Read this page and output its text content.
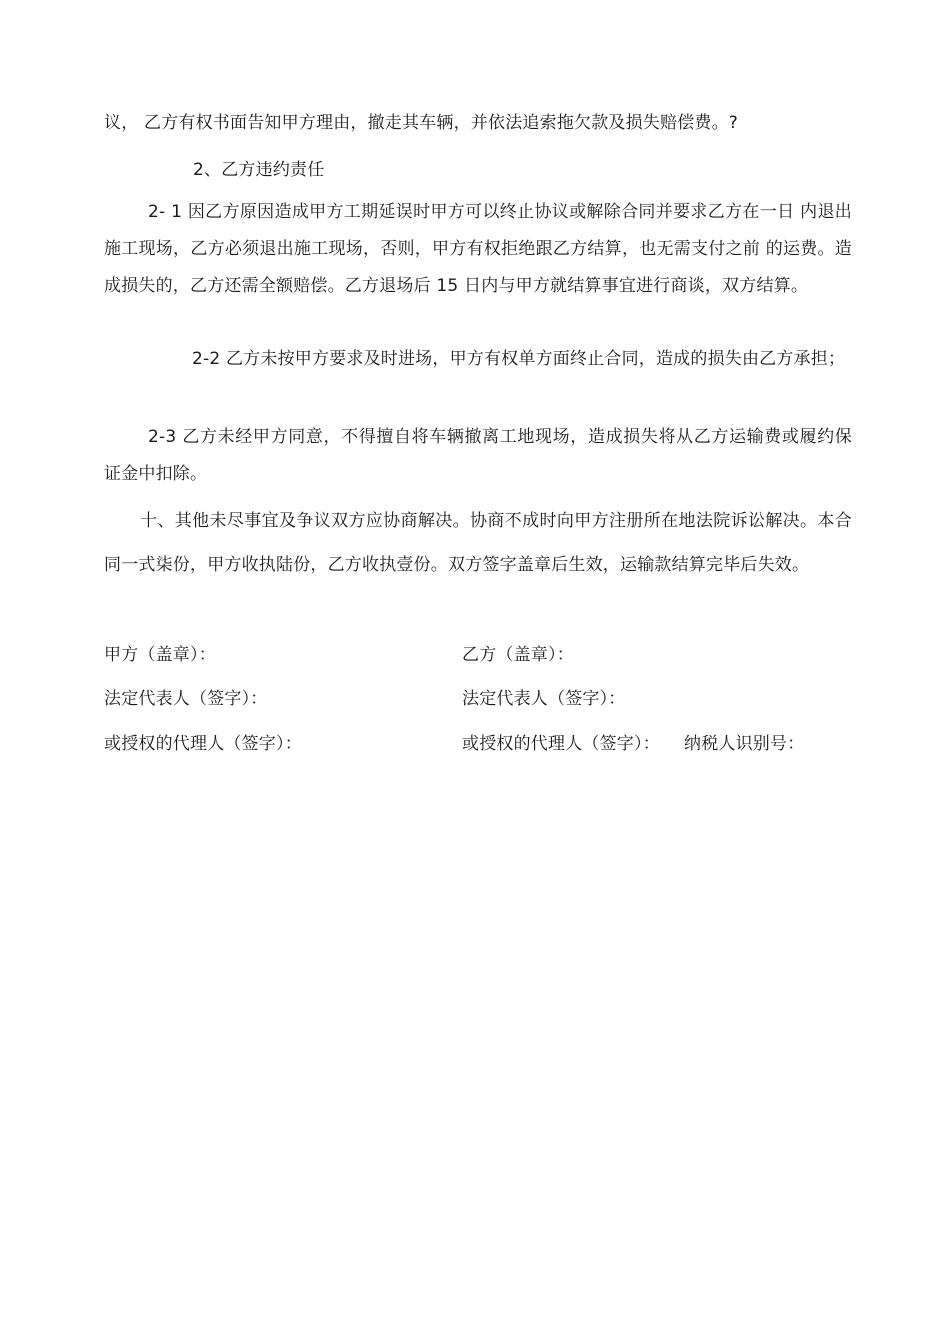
议， 乙方有权书面告知甲方理由，撤走其车辆，并依法追索拖欠款及损失赔偿费。?
2、乙方违约责任
2- 1 因乙方原因造成甲方工期延误时甲方可以终止协议或解除合同并要求乙方在一日 内退出施工现场，乙方必须退出施工现场，否则，甲方有权拒绝跟乙方结算，也无需支付之前 的运费。造成损失的，乙方还需全额赔偿。乙方退场后 15 日内与甲方就结算事宜进行商谈，双方结算。
2-2 乙方未按甲方要求及时进场，甲方有权单方面终止合同，造成的损失由乙方承担；
2-3 乙方未经甲方同意，不得擅自将车辆撤离工地现场，造成损失将从乙方运输费或履约保证金中扣除。
十、其他未尽事宜及争议双方应协商解决。协商不成时向甲方注册所在地法院诉讼解决。本合同一式柒份，甲方收执陆份，乙方收执壹份。双方签字盖章后生效，运输款结算完毕后失效。
甲方（盖章）：	乙方（盖章）：
法定代表人（签字）：	法定代表人（签字）：
或授权的代理人（签字）：	或授权的代理人（签字）： 纳税人识别号：
